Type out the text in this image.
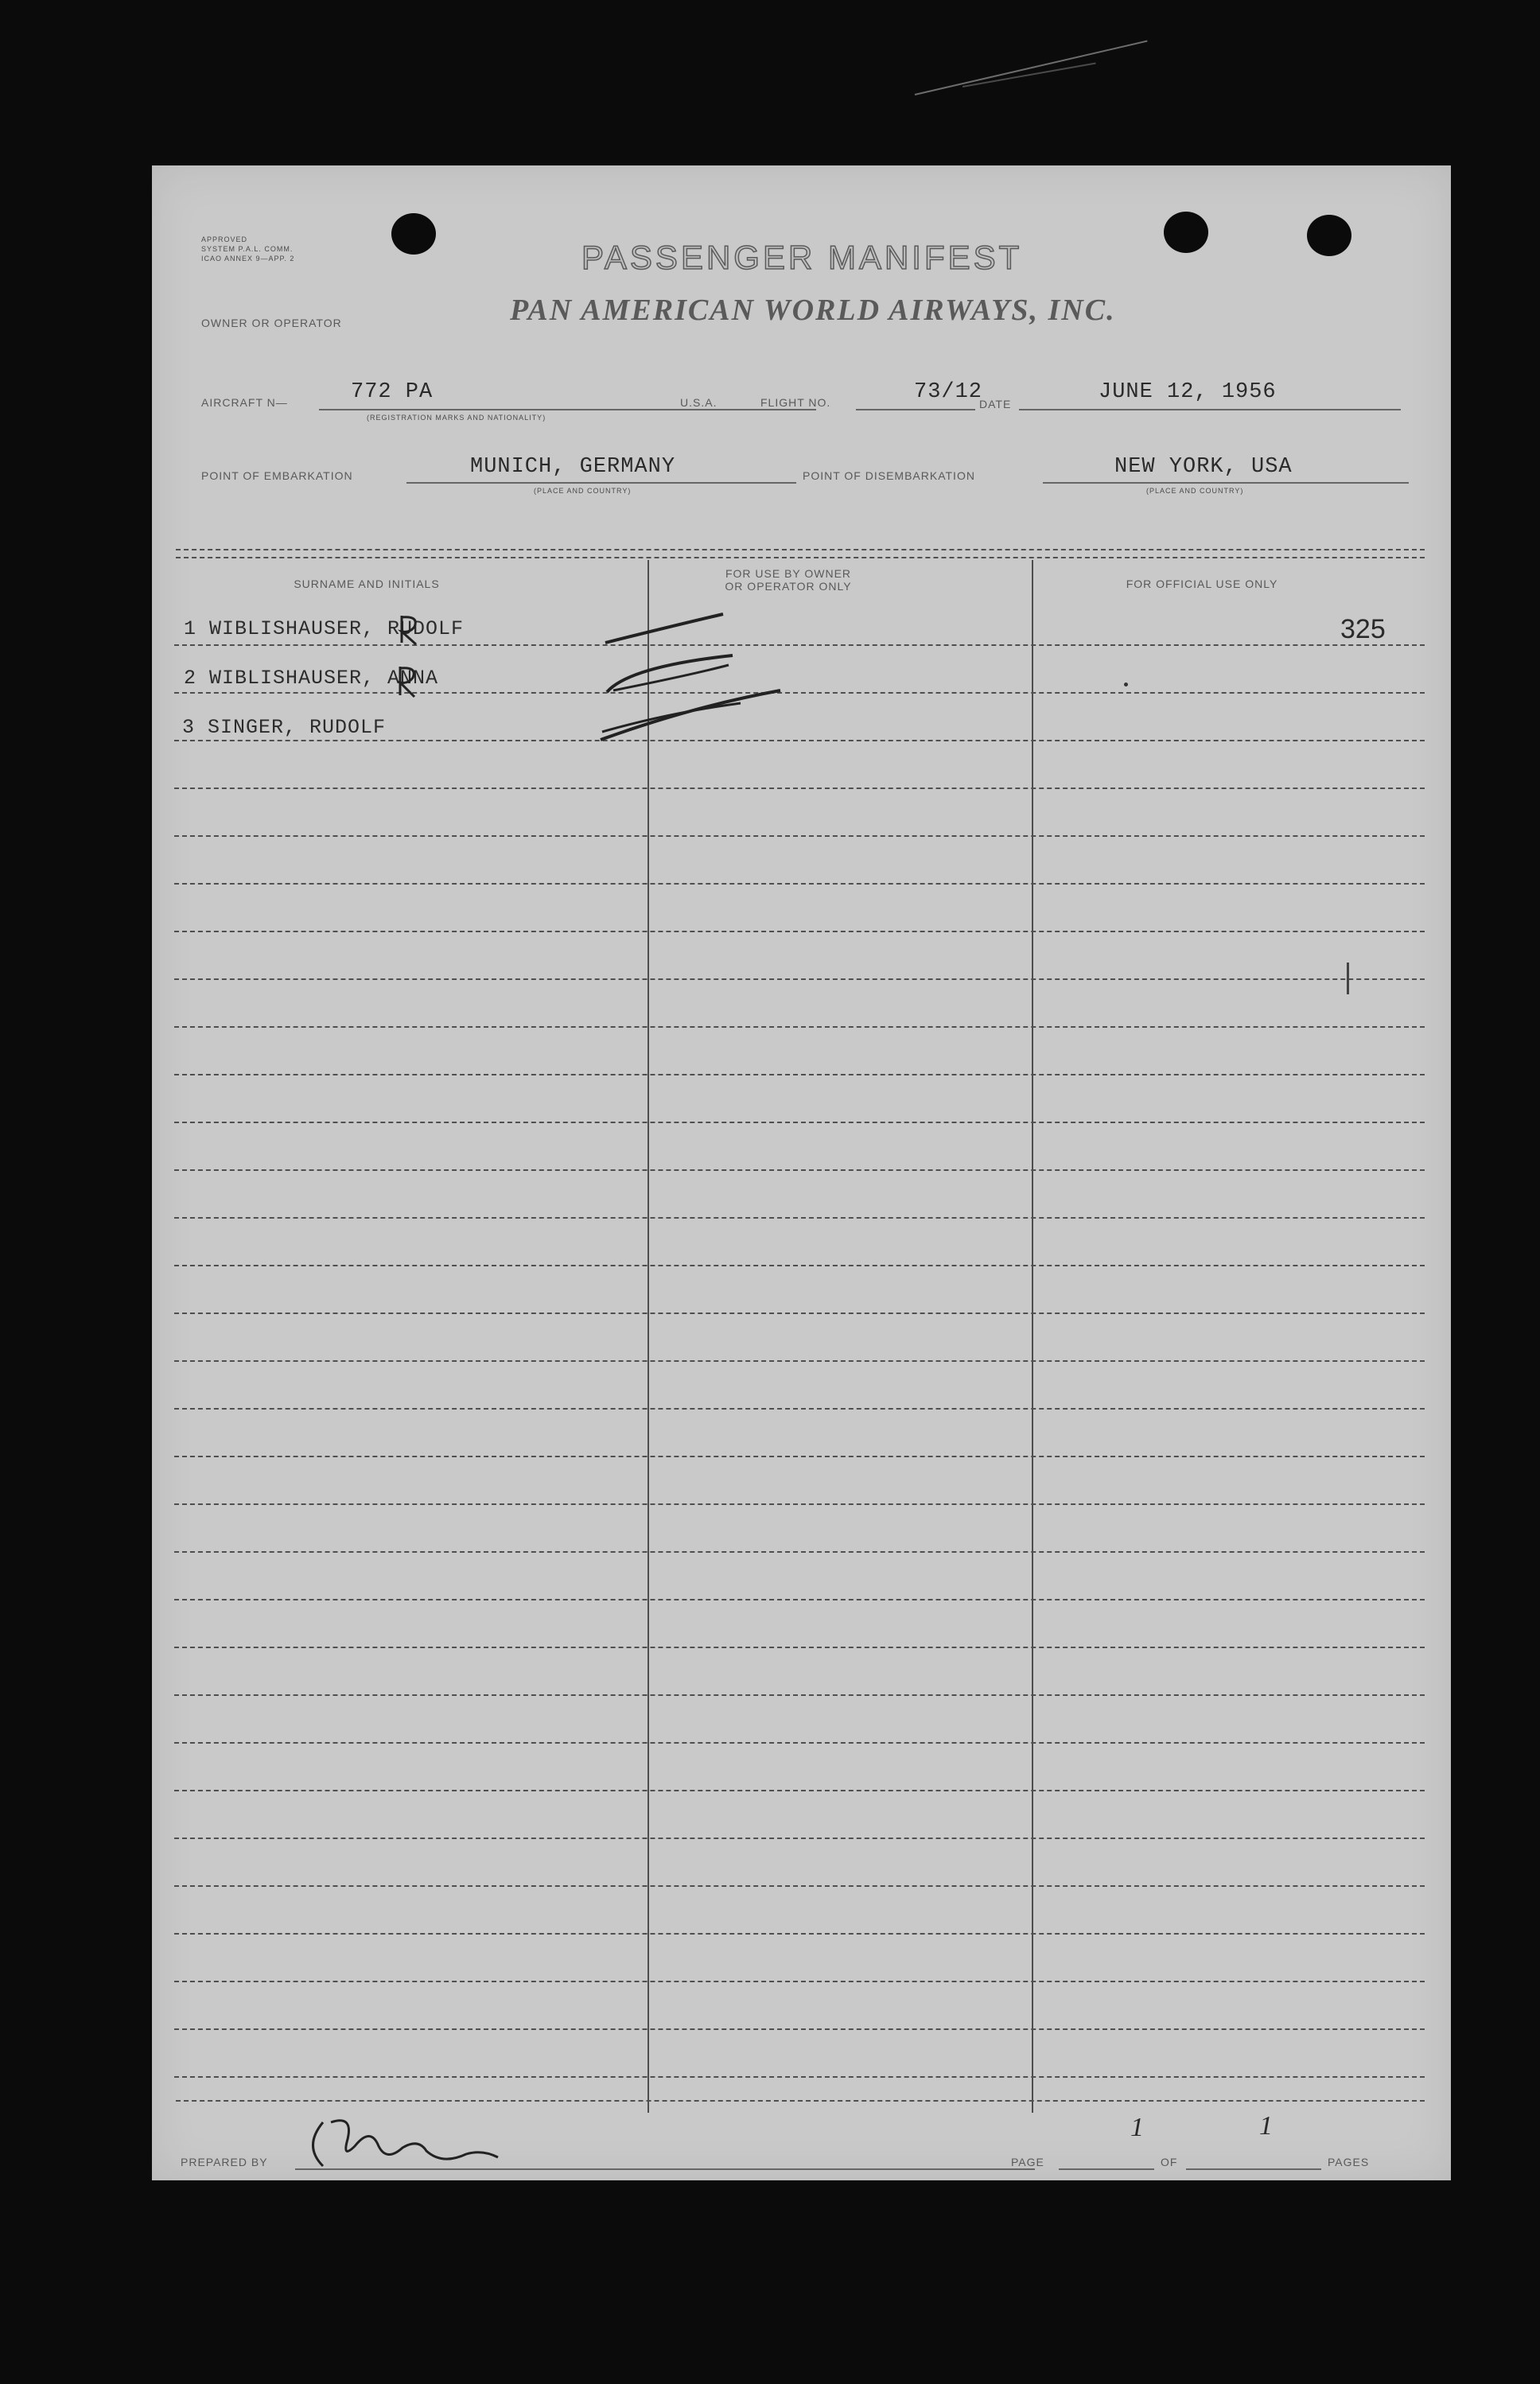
APPROVED
SYSTEM P.A.L. COMM.
ICAO ANNEX 9—APP. 2	PASSENGER MANIFEST
OWNER OR OPERATOR	PAN AMERICAN WORLD AIRWAYS, INC.
AIRCRAFT N—	772 PA
(REGISTRATION MARKS AND NATIONALITY)
U.S.A.	FLIGHT NO.	73/12
DATE	JUNE 12, 1956
POINT OF EMBARKATION	MUNICH, GERMANY
(PLACE AND COUNTRY)
POINT OF DISEMBARKATION	NEW YORK, USA
(PLACE AND COUNTRY)
SURNAME AND INITIALS
FOR USE BY OWNER
OR OPERATOR ONLY	FOR OFFICIAL USE ONLY
1 WIBLISHAUSER, RUDOLF	325
2 WIBLISHAUSER, ANNA
3 SINGER, RUDOLF
PREPARED BY	PAGE
1
OF
1
PAGES
